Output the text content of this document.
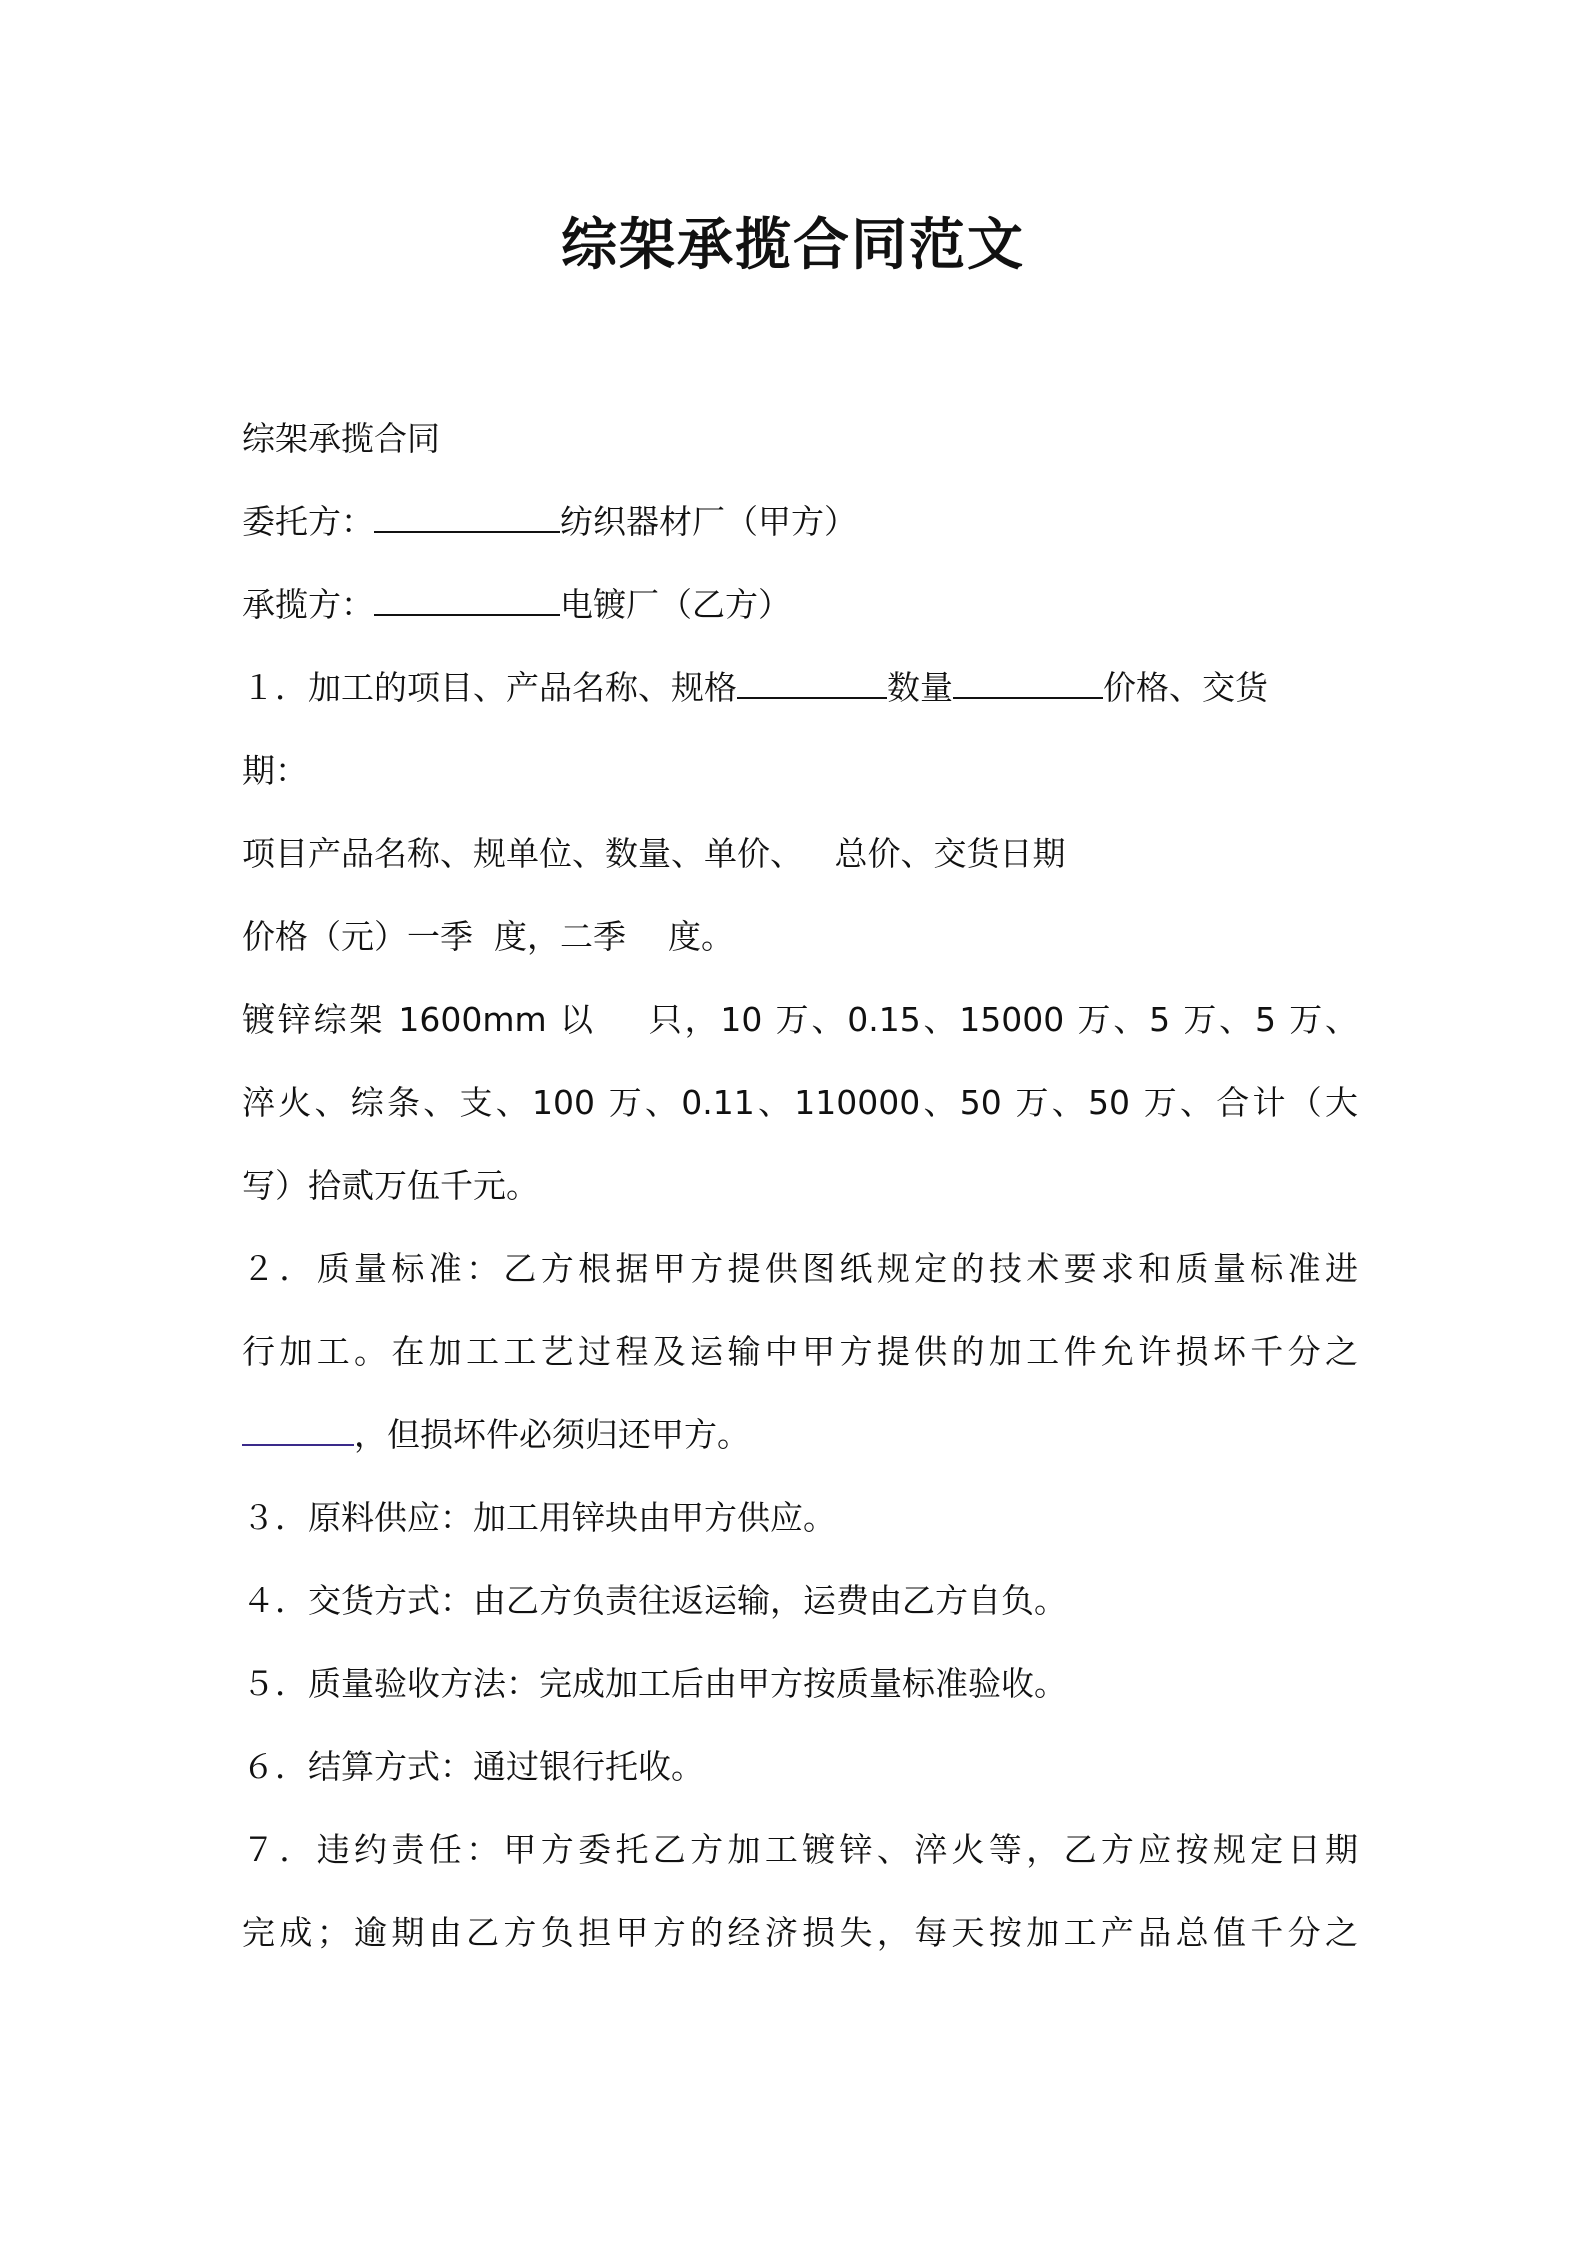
综架承揽合同范文

综架承揽合同

委托方：	纺织器材厂（甲方）

承揽方：	电镀厂（乙方）

１．加工的项目、产品名称、规格	数量	价格、交货

期：

项目产品名称、规单位、数量、单价、   总价、交货日期

价格（元）一季  度，二季    度。

镀锌综架 1600mm 以    只，10 万、0.15、15000 万、5 万、5 万、

淬火、综条、支、100 万、0.11、110000、50 万、50 万、合计（大

写）拾贰万伍千元。

２．质量标准：乙方根据甲方提供图纸规定的技术要求和质量标准进

行加工。在加工工艺过程及运输中甲方提供的加工件允许损坏千分之

，但损坏件必须归还甲方。

３．原料供应：加工用锌块由甲方供应。

４．交货方式：由乙方负责往返运输，运费由乙方自负。

５．质量验收方法：完成加工后由甲方按质量标准验收。

６．结算方式：通过银行托收。

７．违约责任：甲方委托乙方加工镀锌、淬火等，乙方应按规定日期

完成；逾期由乙方负担甲方的经济损失，每天按加工产品总值千分之
